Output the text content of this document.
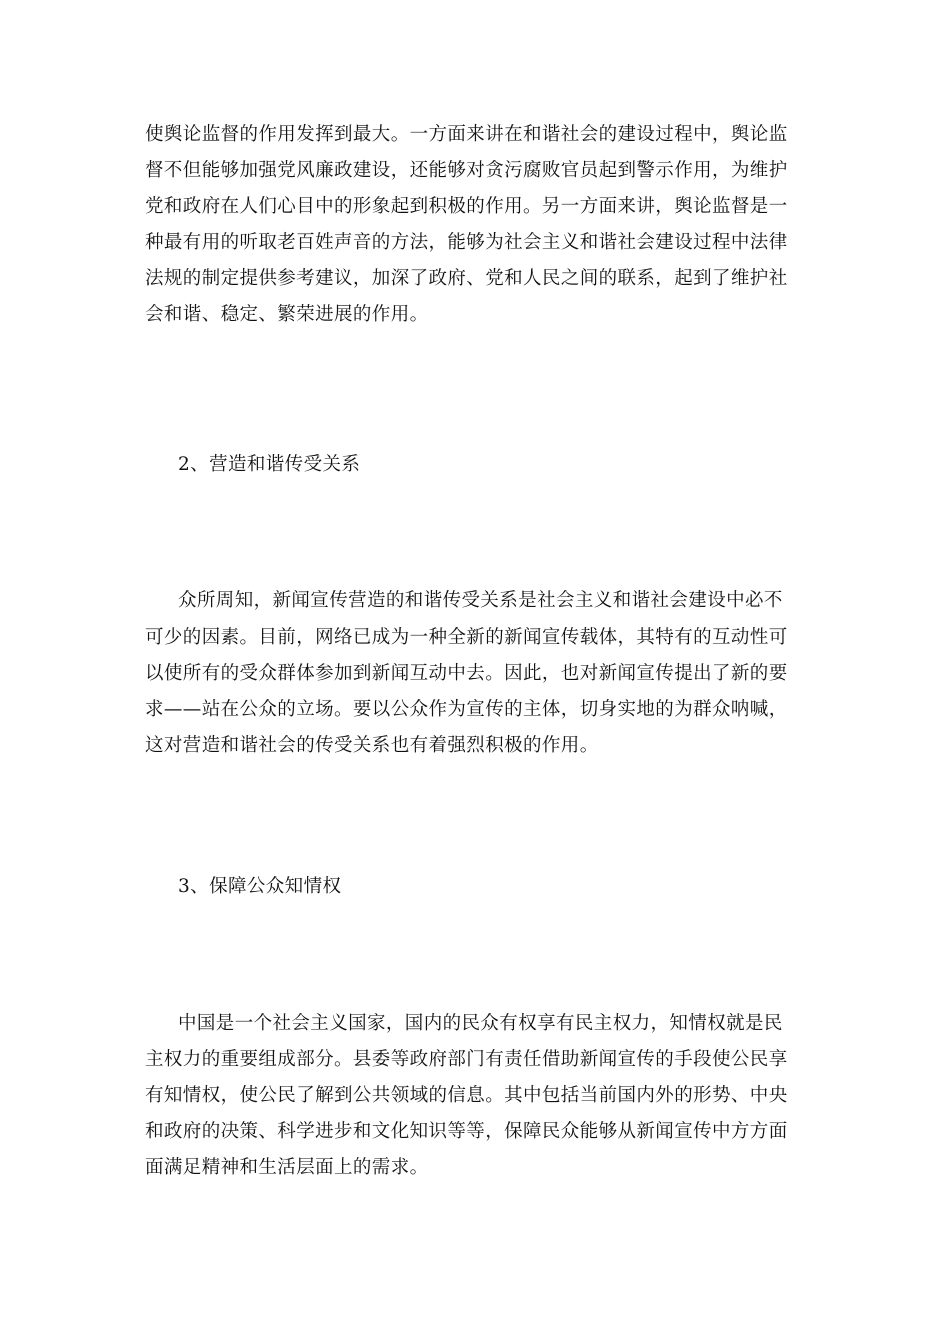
使舆论监督的作用发挥到最大。一方面来讲在和谐社会的建设过程中，舆论监
督不但能够加强党风廉政建设，还能够对贪污腐败官员起到警示作用，为维护
党和政府在人们心目中的形象起到积极的作用。另一方面来讲，舆论监督是一
种最有用的听取老百姓声音的方法，能够为社会主义和谐社会建设过程中法律
法规的制定提供参考建议，加深了政府、党和人民之间的联系，起到了维护社
会和谐、稳定、繁荣进展的作用。
2、营造和谐传受关系
众所周知，新闻宣传营造的和谐传受关系是社会主义和谐社会建设中必不
可少的因素。目前，网络已成为一种全新的新闻宣传载体，其特有的互动性可
以使所有的受众群体参加到新闻互动中去。因此，也对新闻宣传提出了新的要
求——站在公众的立场。要以公众作为宣传的主体，切身实地的为群众呐喊，
这对营造和谐社会的传受关系也有着强烈积极的作用。
3、保障公众知情权
中国是一个社会主义国家，国内的民众有权享有民主权力，知情权就是民
主权力的重要组成部分。县委等政府部门有责任借助新闻宣传的手段使公民享
有知情权，使公民了解到公共领域的信息。其中包括当前国内外的形势、中央
和政府的决策、科学进步和文化知识等等，保障民众能够从新闻宣传中方方面
面满足精神和生活层面上的需求。
